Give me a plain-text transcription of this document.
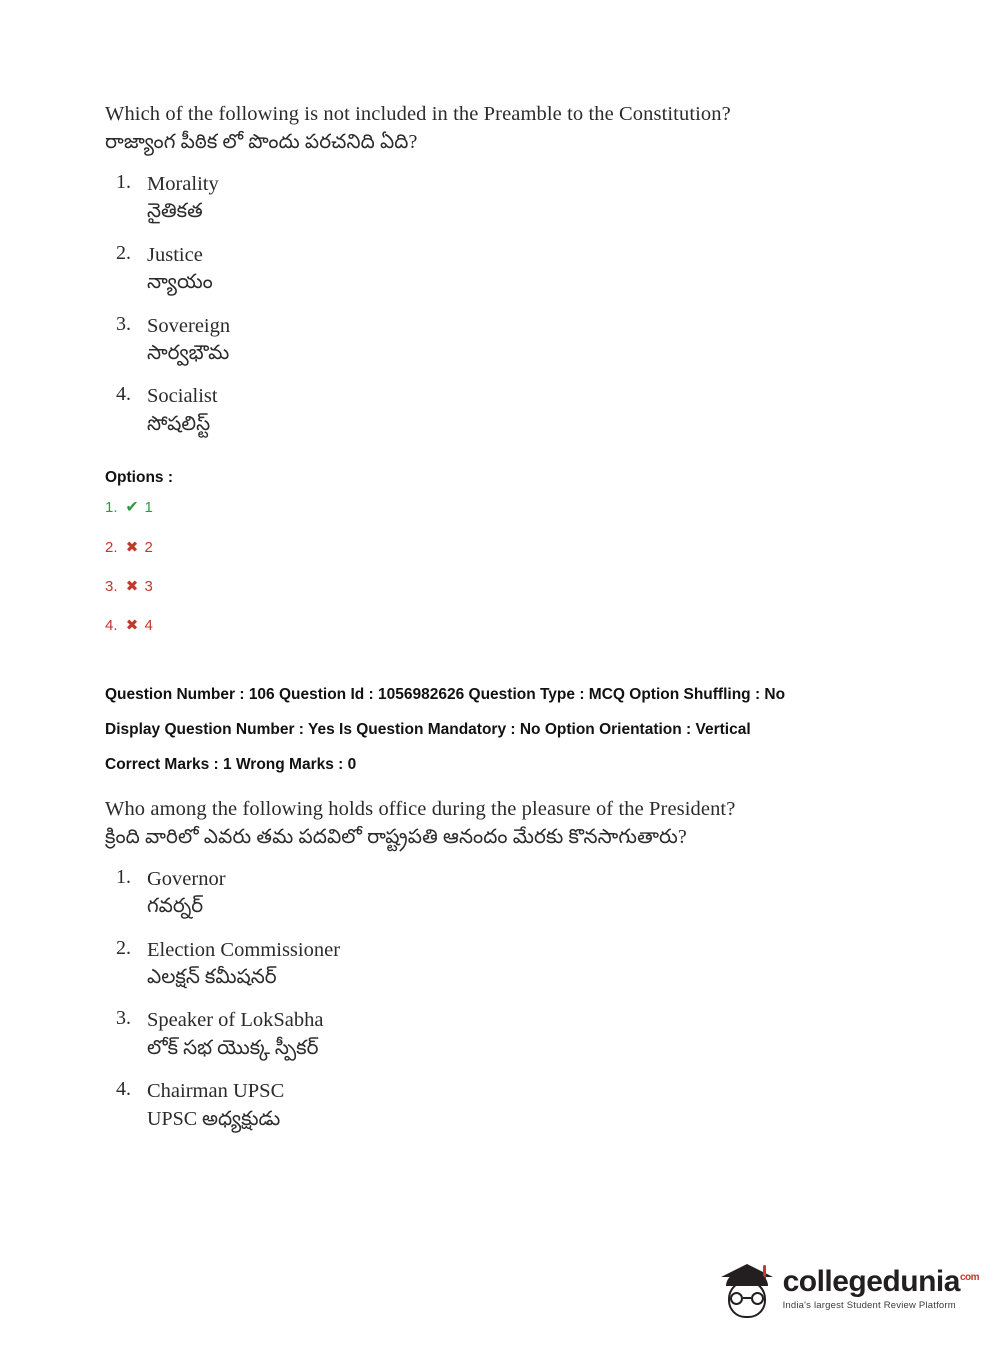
Which of the following is not included in the Preamble to the Constitution?
రాజ్యాంగ పీఠిక లో పొందు పరచనిది ఏది?
1. Morality
నైతికత
2. Justice
న్యాయం
3. Sovereign
సార్వభౌమ
4. Socialist
సోషలిస్ట్
Options :
1. ✔ 1
2. ✖ 2
3. ✖ 3
4. ✖ 4
Question Number : 106 Question Id : 1056982626 Question Type : MCQ Option Shuffling : No
Display Question Number : Yes Is Question Mandatory : No Option Orientation : Vertical
Correct Marks : 1 Wrong Marks : 0
Who among the following holds office during the pleasure of the President?
క్రింది వారిలో ఎవరు తమ పదవిలో రాష్ట్రపతి ఆనందం మేరకు కొనసాగుతారు?
1. Governor
గవర్నర్
2. Election Commissioner
ఎలక్షన్ కమీషనర్
3. Speaker of LokSabha
లోక్ సభ యొక్క స్పీకర్
4. Chairman UPSC
UPSC అధ్యక్షుడు
collegedunia$^{com}$
India's largest Student Review Platform
